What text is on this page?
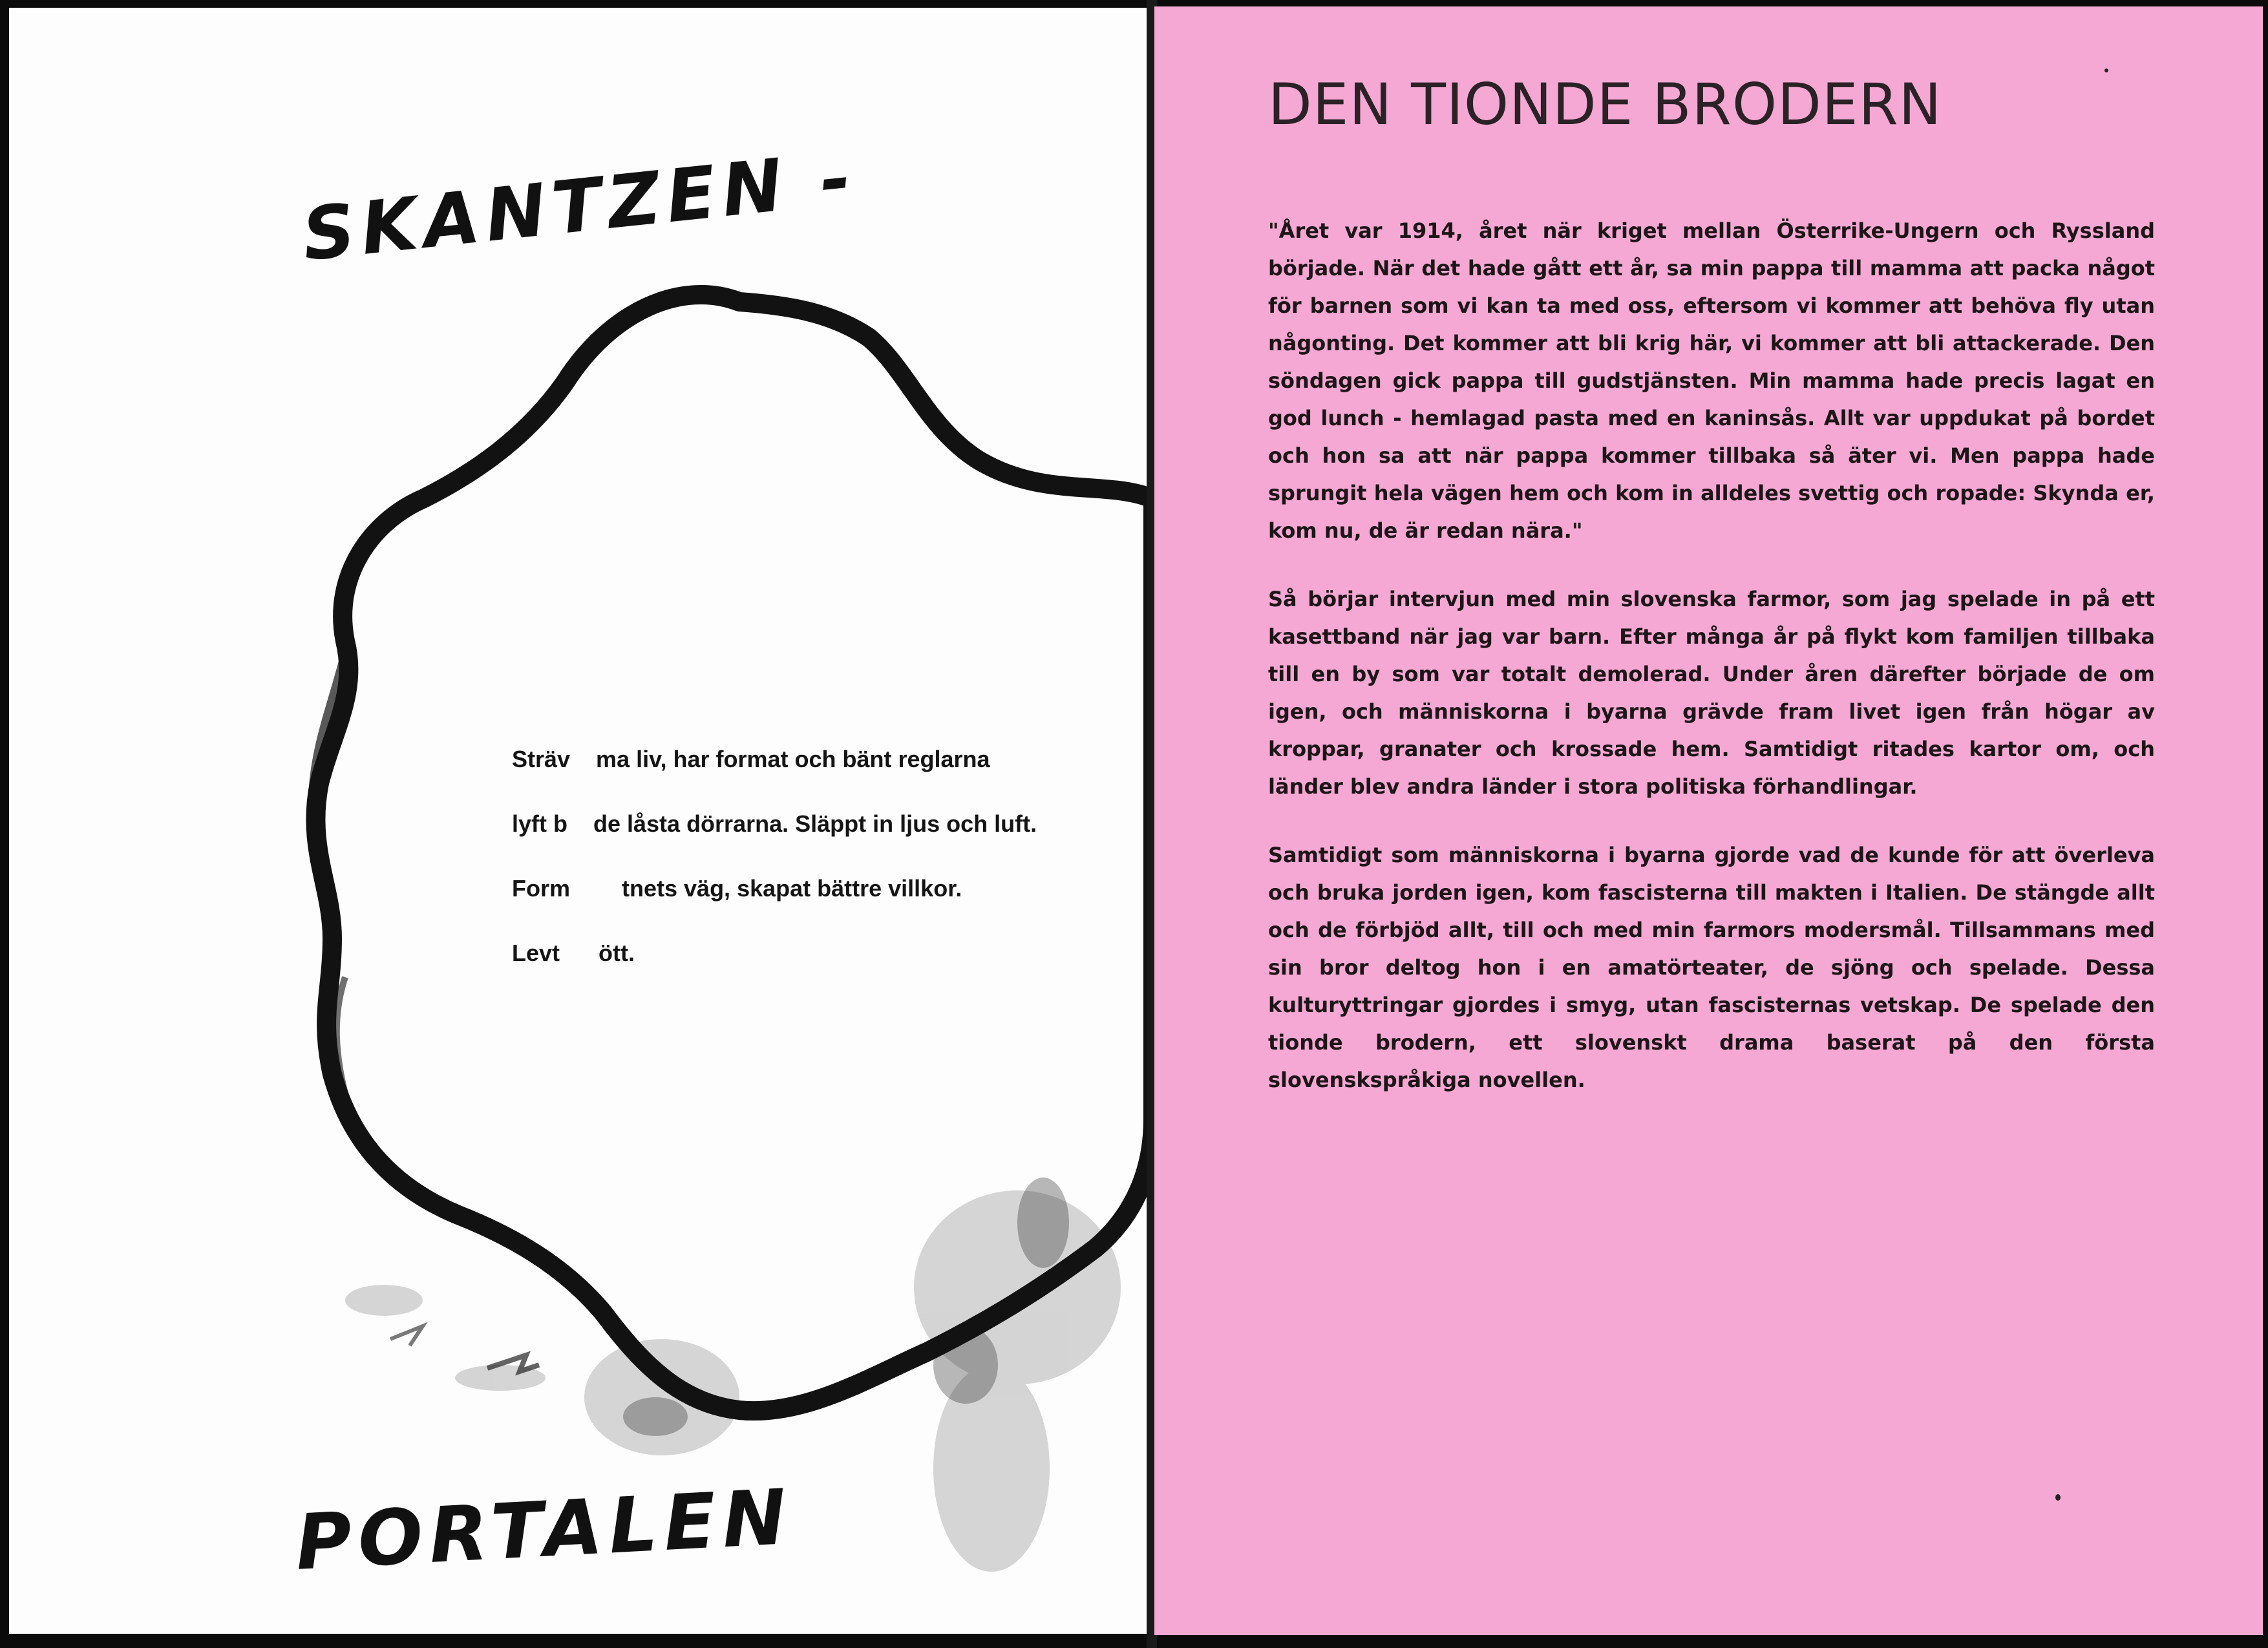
SKANTZEN -
Sträv    ma liv, har format och bänt reglarna
lyft b    de låsta dörrarna. Släppt in ljus och luft.
Form        tnets väg, skapat bättre villkor.
Levt      ött.
PORTALEN
DEN TIONDE BRODERN

"Året var 1914, året när kriget mellan Österrike-Ungern och Ryssland började. När det hade gått ett år, sa min pappa till mamma att packa något för barnen som vi kan ta med oss, eftersom vi kommer att behöva fly utan någonting. Det kommer att bli krig här, vi kommer att bli attackerade. Den söndagen gick pappa till gudstjänsten. Min mamma hade precis lagat en god lunch - hemlagad pasta med en kaninsås. Allt var uppdukat på bordet och hon sa att när pappa kommer tillbaka så äter vi. Men pappa hade sprungit hela vägen hem och kom in alldeles svettig och ropade: Skynda er, kom nu, de är redan nära."

Så börjar intervjun med min slovenska farmor, som jag spelade in på ett kasettband när jag var barn. Efter många år på flykt kom familjen tillbaka till en by som var totalt demolerad. Under åren därefter började de om igen, och människorna i byarna grävde fram livet igen från högar av kroppar, granater och krossade hem. Samtidigt ritades kartor om, och länder blev andra länder i stora politiska förhandlingar.

Samtidigt som människorna i byarna gjorde vad de kunde för att överleva och bruka jorden igen, kom fascisterna till makten i Italien. De stängde allt och de förbjöd allt, till och med min farmors modersmål. Tillsammans med sin bror deltog hon i en amatörteater, de sjöng och spelade. Dessa kulturyttringar gjordes i smyg, utan fascisternas vetskap. De spelade den tionde brodern, ett slovenskt drama baserat på den första slovenskspråkiga novellen.
